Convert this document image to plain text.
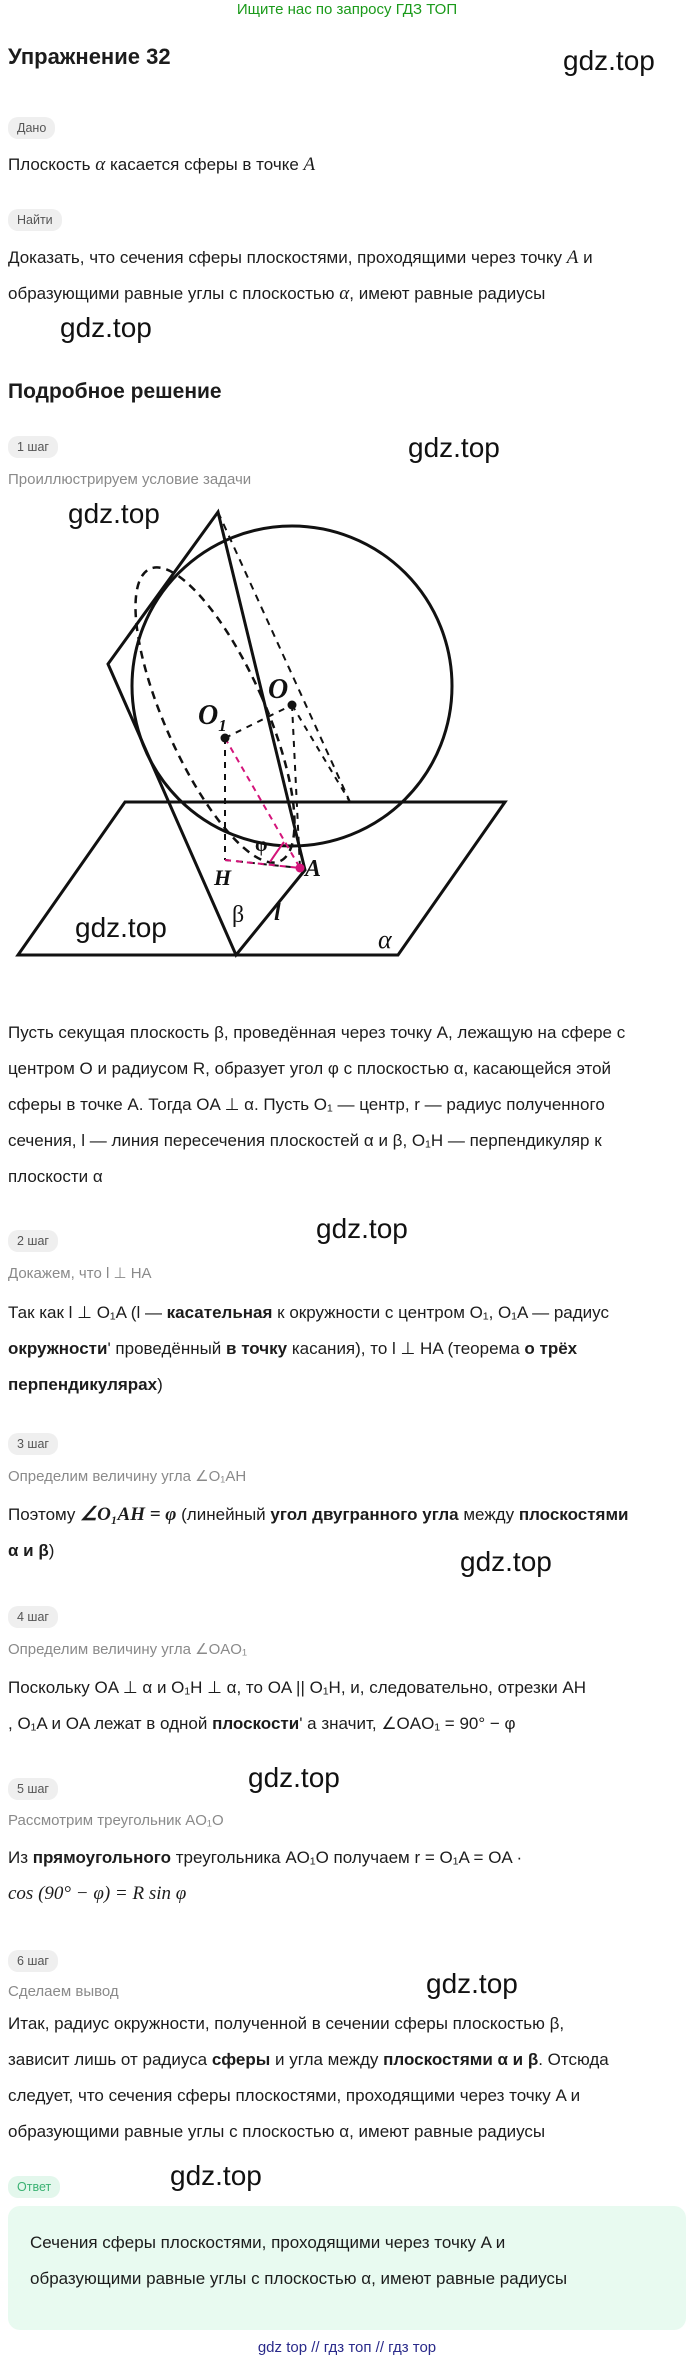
Ищите нас по запросу ГДЗ ТОП
Упражнение 32	gdz.top
Дано
Плоскость α касается сферы в точке A
Найти
Доказать, что сечения сферы плоскостями, проходящими через точку A и
образующими равные углы с плоскостью α, имеют равные радиусы
gdz.top
Подробное решение
1 шаг	gdz.top
Проиллюстрируем условие задачи
gdz.top
$O_1$
O
φ
A
H
β l
α
gdz.top
Пусть секущая плоскость β, проведённая через точку A, лежащую на сфере с
центром O и радиусом R, образует угол φ с плоскостью α, касающейся этой
сферы в точке A. Тогда OA ⊥ α. Пусть O₁ — центр, r — радиус полученного
сечения, l — линия пересечения плоскостей α и β, O₁H — перпендикуляр к
плоскости α
2 шаг	gdz.top
Докажем, что l ⊥ HA
Так как l ⊥ O₁A (l — касательная к окружности с центром O₁, O₁A — радиус
окружности' проведённый в точку касания), то l ⊥ HA (теорема о трёх
перпендикулярах)
3 шаг
Определим величину угла ∠O₁AH
Поэтому ∠O₁AH = φ (линейный угол двугранного угла между плоскостями
α и β)	gdz.top
4 шаг
Определим величину угла ∠OAO₁
Поскольку OA ⊥ α и O₁H ⊥ α, то OA || O₁H, и, следовательно, отрезки AH
, O₁A и OA лежат в одной плоскости' а значит, ∠OAO₁ = 90° − φ
gdz.top
5 шаг
Рассмотрим треугольник AO₁O
Из прямоугольного треугольника AO₁O получаем r = O₁A = OA ·
cos (90° − φ) = R sin φ
6 шаг
gdz.top
Сделаем вывод
Итак, радиус окружности, полученной в сечении сферы плоскостью β,
зависит лишь от радиуса сферы и угла между плоскостями α и β. Отсюда
следует, что сечения сферы плоскостями, проходящими через точку A и
образующими равные углы с плоскостью α, имеют равные радиусы
Ответ	gdz.top
Сечения сферы плоскостями, проходящими через точку A и
образующими равные углы с плоскостью α, имеют равные радиусы
gdz top // гдз топ // гдз тор
